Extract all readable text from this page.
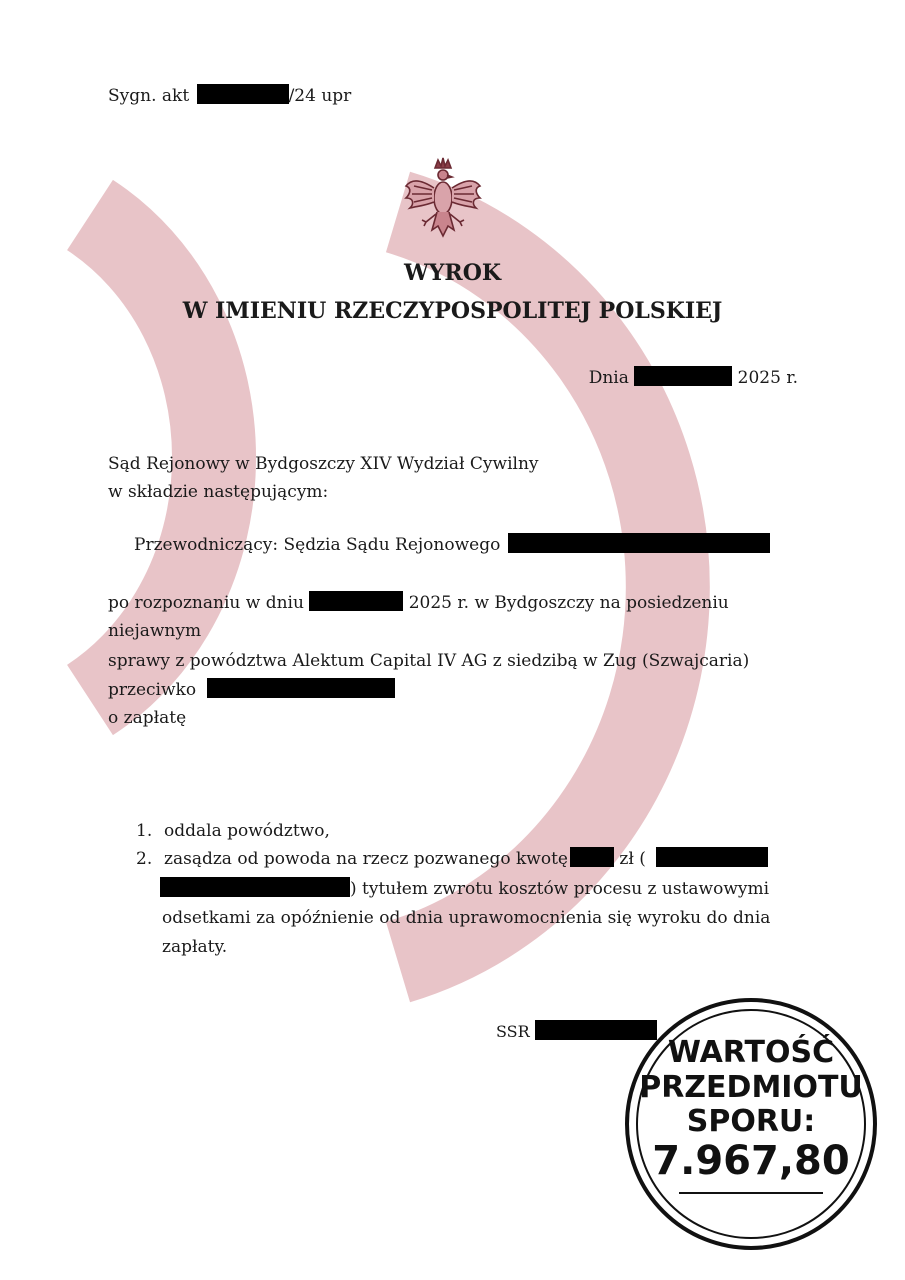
Sygn. akt	/24 upr
WYROK
W IMIENIU RZECZYPOSPOLITEJ POLSKIEJ
Dnia	2025 r.
Sąd Rejonowy w Bydgoszczy XIV Wydział Cywilny
w składzie następującym:
Przewodniczący: Sędzia Sądu Rejonowego
po rozpoznaniu w dniu	2025 r. w Bydgoszczy na posiedzeniu
niejawnym
sprawy z powództwa Alektum Capital IV AG z siedzibą w Zug (Szwajcaria)
przeciwko
o zapłatę
1. oddala powództwo,
2. zasądza od powoda na rzecz pozwanego kwotę	zł (
) tytułem zwrotu kosztów procesu z ustawowymi
odsetkami za opóźnienie od dnia uprawomocnienia się wyroku do dnia
zapłaty.
SSR
WARTOŚĆ
PRZEDMIOTU
SPORU:
7.967,80
